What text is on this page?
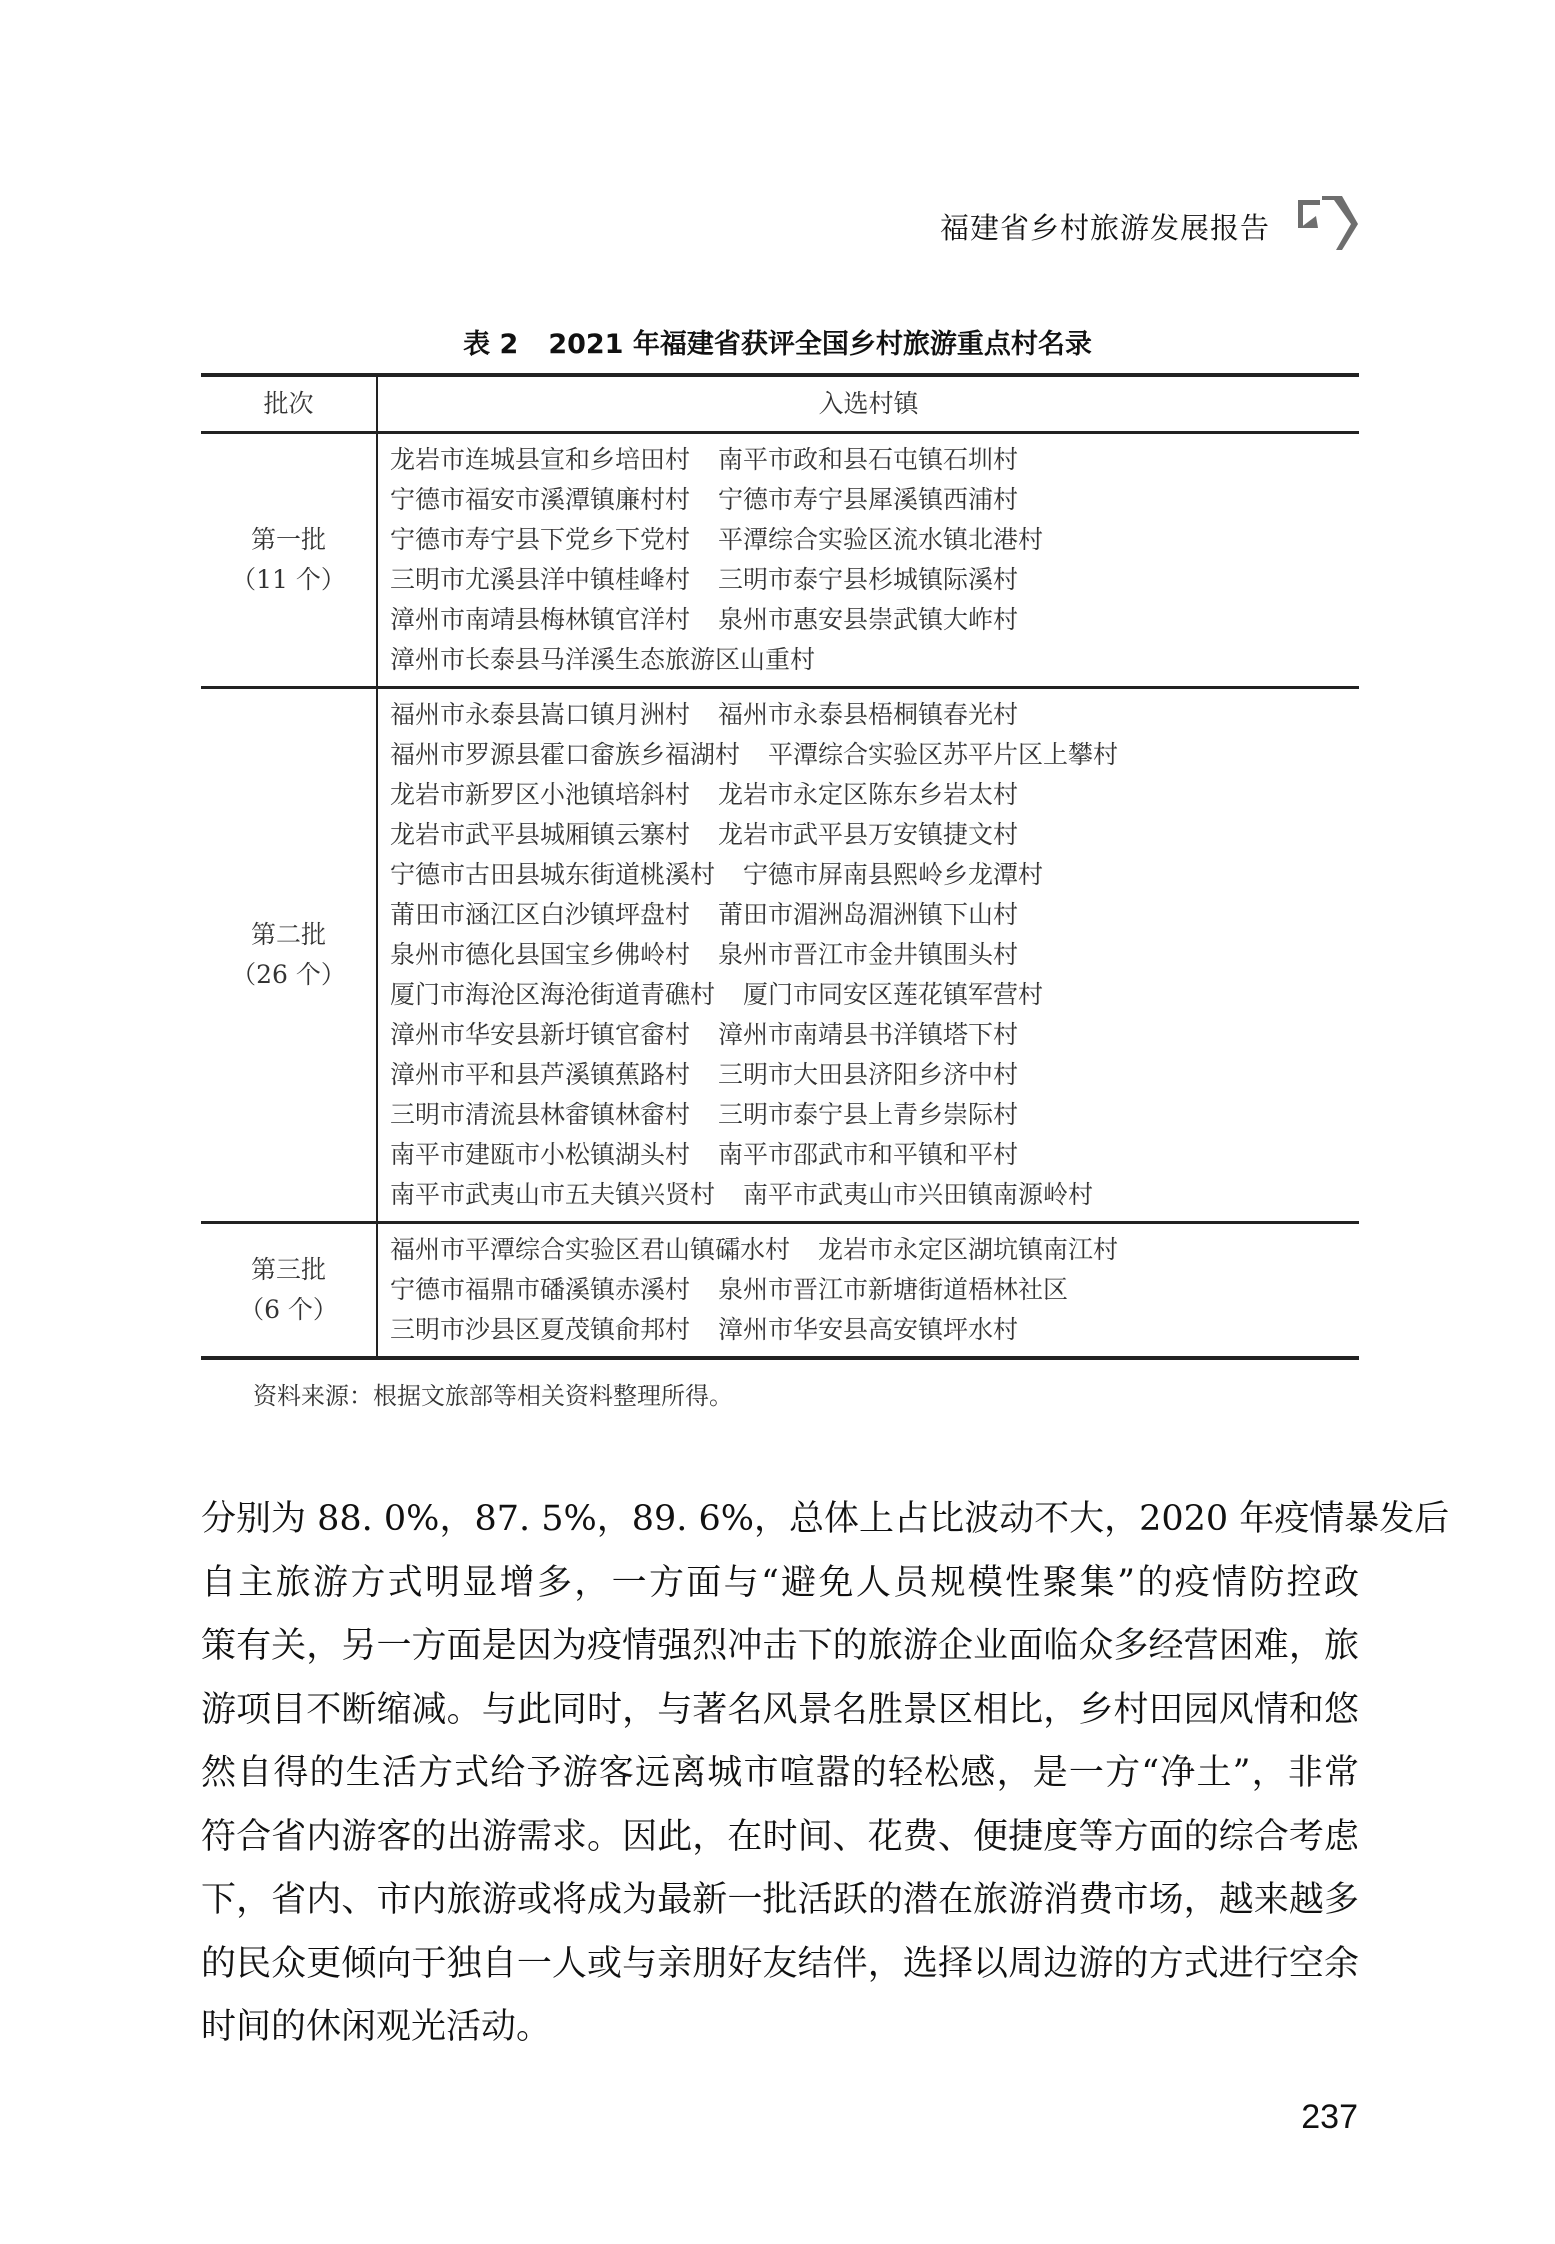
福建省乡村旅游发展报告
表 2 2021 年福建省获评全国乡村旅游重点村名录
批次	入选村镇
第一批
（11 个）
龙岩市连城县宣和乡培田村 南平市政和县石屯镇石圳村
宁德市福安市溪潭镇廉村村 宁德市寿宁县犀溪镇西浦村
宁德市寿宁县下党乡下党村 平潭综合实验区流水镇北港村
三明市尤溪县洋中镇桂峰村 三明市泰宁县杉城镇际溪村
漳州市南靖县梅林镇官洋村 泉州市惠安县崇武镇大岞村
漳州市长泰县马洋溪生态旅游区山重村
第二批
（26 个）
福州市永泰县嵩口镇月洲村 福州市永泰县梧桐镇春光村
福州市罗源县霍口畲族乡福湖村 平潭综合实验区苏平片区上攀村
龙岩市新罗区小池镇培斜村 龙岩市永定区陈东乡岩太村
龙岩市武平县城厢镇云寨村 龙岩市武平县万安镇捷文村
宁德市古田县城东街道桃溪村 宁德市屏南县熙岭乡龙潭村
莆田市涵江区白沙镇坪盘村 莆田市湄洲岛湄洲镇下山村
泉州市德化县国宝乡佛岭村 泉州市晋江市金井镇围头村
厦门市海沧区海沧街道青礁村 厦门市同安区莲花镇军营村
漳州市华安县新圩镇官畲村 漳州市南靖县书洋镇塔下村
漳州市平和县芦溪镇蕉路村 三明市大田县济阳乡济中村
三明市清流县林畲镇林畲村 三明市泰宁县上青乡崇际村
南平市建瓯市小松镇湖头村 南平市邵武市和平镇和平村
南平市武夷山市五夫镇兴贤村 南平市武夷山市兴田镇南源岭村
第三批
（6 个）
福州市平潭综合实验区君山镇礵水村 龙岩市永定区湖坑镇南江村
宁德市福鼎市磻溪镇赤溪村 泉州市晋江市新塘街道梧林社区
三明市沙县区夏茂镇俞邦村 漳州市华安县高安镇坪水村
资料来源：根据文旅部等相关资料整理所得。
分别为 88. 0%，87. 5%，89. 6%，总体上占比波动不大，2020 年疫情暴发后
自主旅游方式明显增多，一方面与“避免人员规模性聚集”的疫情防控政
策有关，另一方面是因为疫情强烈冲击下的旅游企业面临众多经营困难，旅
游项目不断缩减。与此同时，与著名风景名胜景区相比，乡村田园风情和悠
然自得的生活方式给予游客远离城市喧嚣的轻松感，是一方“净土”，非常
符合省内游客的出游需求。因此，在时间、花费、便捷度等方面的综合考虑
下，省内、市内旅游或将成为最新一批活跃的潜在旅游消费市场，越来越多
的民众更倾向于独自一人或与亲朋好友结伴，选择以周边游的方式进行空余
时间的休闲观光活动。
237
